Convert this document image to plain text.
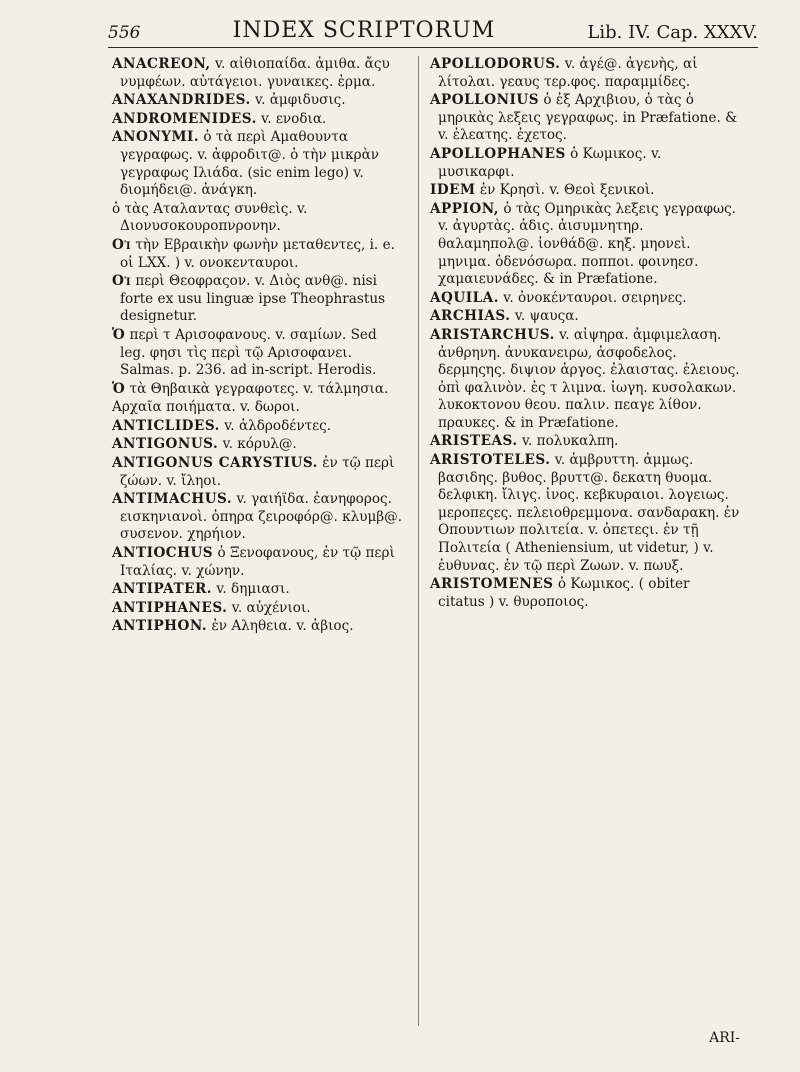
556	INDEX SCRIPTORUM	Lib. IV. Cap. XXXV.

ANACREON, v. αἰθιοπαίδα. ἀμιθα. ἄςυ νυμφέων. αὐτάγειοι. γυναικες. ἐρμα.

ANAXANDRIDES. v. ἀμφιδυσις.

ANDROMENIDES. v. ενοδια.

ANONYMI. ὁ τὰ περὶ Αμαθουντα γεγραφως. v. ἀφροδιτ@. ὁ τὴν μικρὰν γεγραφως Ιλιάδα. (sic enim lego) v. διομήδει@. ἀνάγκη.

ὁ τὰς Αταλαντας συνθεὶς. v. Διονυσοκουροπνρονην.

Oἱ τὴν Εβραικὴν φωνὴν μεταθεντες, i. e. οἱ LXX. ) v. ονοκενταυροι.

Oἱ περὶ Θεοφραςον. v. Διὸς ανθ@. nisi forte ex usu linguæ ipse Theophrastus designetur.

Ὁ περὶ τ Αρισοφανους. v. σαμίων. Sed leg. φησι τὶς περὶ τῷ Αρισοφανει. Salmas. p. 236. ad in-script. Herodis.

Ὁ τὰ Θηβαικὰ γεγραφοτες. v. τάλμησια.

Αρχαῖα ποιήματα. v. δωροι.

ANTICLIDES. v. ἀλδροδέντες.

ANTIGONUS. v. κόρυλ@.

ANTIGONUS CARYSTIUS. ἐν τῷ περὶ ζώων. v. ἴληοι.

ANTIMACHUS. v. γαιήϊδα. ἐανηφορος. εισκηνιανοὶ. ὀπηρα ζειροφόρ@. κλυμβ@. συσενον. χηρήιον.

ANTIOCHUS ὁ Ξενοφανους, ἐν τῷ περὶ Ιταλίας. v. χώνην.

ANTIPATER. v. δημιασι.

ANTIPHANES. v. αὐχένιοι.

ANTIPHON. ἐν Αληθεια. v. ἀβιος.

APOLLODORUS. v. ἀγέ@. ἀγενὴς, αἱ λίτολαι. γεαυς τερ.φος. παραμμίδες.

APOLLONIUS ὁ ἐξ Αρχιβιου, ὁ τὰς ὁ μηρικὰς λεξεις γεγραφως. in Præfatione. & v. ἐλεατης. ἐχετος.

APOLLOPHANES ὁ Κωμικος. v. μυσικαρφι.

IDEM ἐν Κρησὶ. v. Θεοὶ ξενικοὶ.

APPION, ὁ τὰς Ομηρικὰς λεξεις γεγραφως. v. ἀγυρτὰς. ἀδις. ἀισυμνητηρ. θαλαμηπολ@. ἰονθάδ@. κηξ. μηονεὶ. μηνιμα. ὀδενόσωρα. ποπποι. φοινηεσ. χαμαιευνάδες. & in Præfatione.

AQUILA. v. ὀνοκένταυροι. σειρηνες.

ARCHIAS. v. ψαυςα.

ARISTARCHUS. v. αἰψηρα. ἀμφιμελαση. ἀνθρηνη. ἀνυκανειρω, ἀσφοδελος. δερμηςης. διψιον ἀργος. ἐλαιστας. ἐλειους. ὀπὶ φαλινὸν. ἐς τ λιμνα. ἰωγη. κυσολακων. λυκοκτονου θεου. παλιν. πεαγε λίθον. πραυκες. & in Præfatione.

ARISTEAS. v. πολυκαλπη.

ARISTOTELES. v. ἀμβρυττη. ἀμμως. βασιδης. βυθος. βρυττ@. δεκατη θυομα. δελφικη. ἴλιγς. ἰνος. κεβκυραιοι. λογειως. μεροπεςες. πελειοθρεμμονα. σανδαρακη. ἐν Οπουντιων πολιτεία. v. ὀπετεςι. ἐν τῇ Πολιτεία ( Atheniensium, ut videtur, ) v. ἐυθυνας. ἐν τῷ περὶ Ζωων. v. πωυξ.

ARISTOMENES ὁ Κωμικος. ( obiter citatus ) v. θυροποιος.

ARI-
